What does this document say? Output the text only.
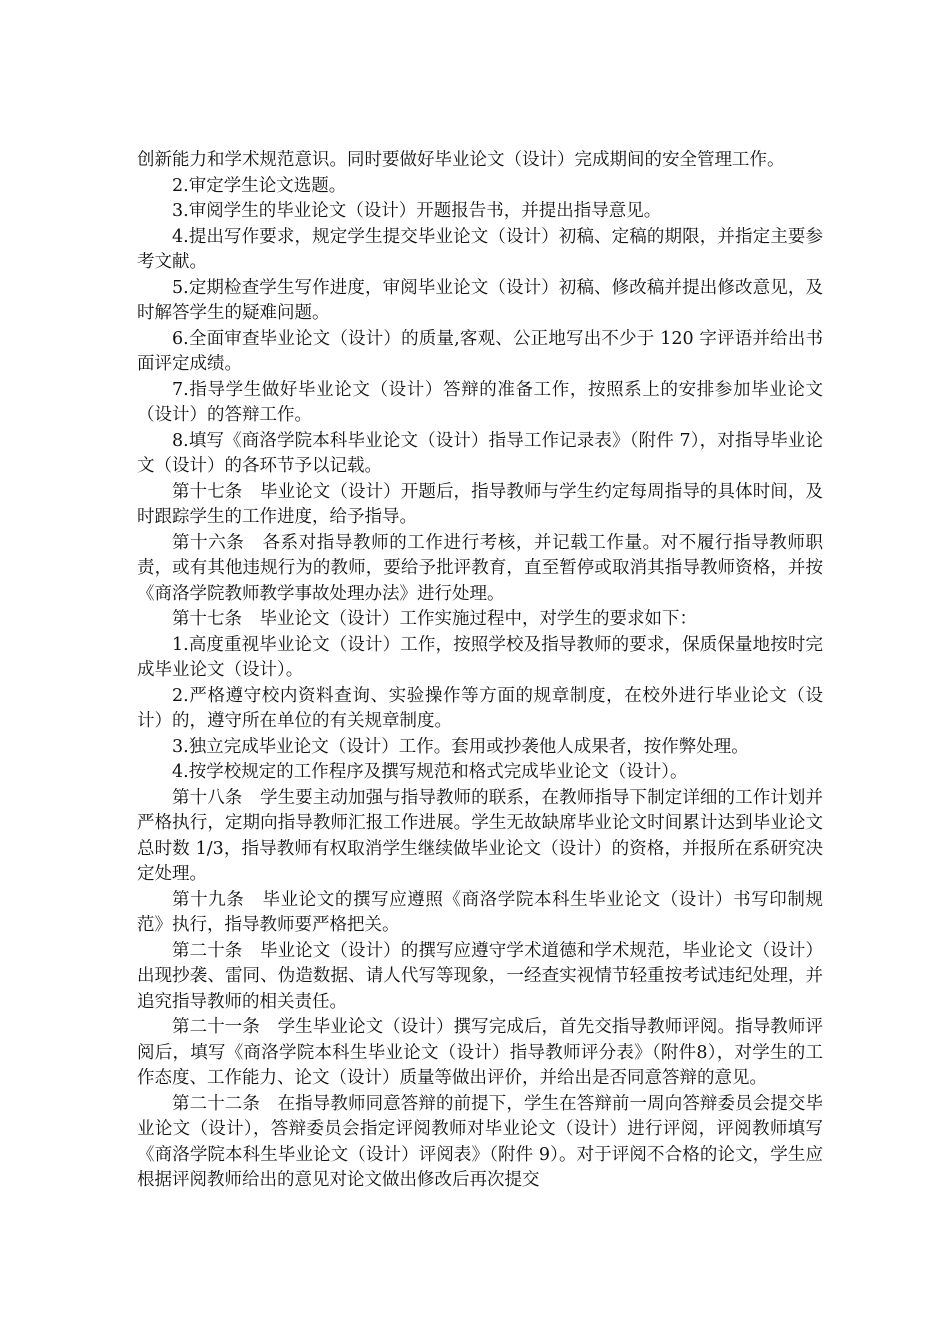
创新能力和学术规范意识。同时要做好毕业论文（设计）完成期间的安全管理工作。

2.审定学生论文选题。

3.审阅学生的毕业论文（设计）开题报告书，并提出指导意见。

4.提出写作要求，规定学生提交毕业论文（设计）初稿、定稿的期限，并指定主要参考文献。

5.定期检查学生写作进度，审阅毕业论文（设计）初稿、修改稿并提出修改意见，及时解答学生的疑难问题。

6.全面审查毕业论文（设计）的质量,客观、公正地写出不少于 120 字评语并给出书面评定成绩。

7.指导学生做好毕业论文（设计）答辩的准备工作，按照系上的安排参加毕业论文（设计）的答辩工作。

8.填写《商洛学院本科毕业论文（设计）指导工作记录表》（附件 7），对指导毕业论文（设计）的各环节予以记载。

第十七条　毕业论文（设计）开题后，指导教师与学生约定每周指导的具体时间，及时跟踪学生的工作进度，给予指导。

第十六条　各系对指导教师的工作进行考核，并记载工作量。对不履行指导教师职责，或有其他违规行为的教师，要给予批评教育，直至暂停或取消其指导教师资格，并按《商洛学院教师教学事故处理办法》进行处理。

第十七条　毕业论文（设计）工作实施过程中，对学生的要求如下：

1.高度重视毕业论文（设计）工作，按照学校及指导教师的要求，保质保量地按时完成毕业论文（设计）。

2.严格遵守校内资料查询、实验操作等方面的规章制度，在校外进行毕业论文（设计）的，遵守所在单位的有关规章制度。

3.独立完成毕业论文（设计）工作。套用或抄袭他人成果者，按作弊处理。

4.按学校规定的工作程序及撰写规范和格式完成毕业论文（设计）。

第十八条　学生要主动加强与指导教师的联系，在教师指导下制定详细的工作计划并严格执行，定期向指导教师汇报工作进展。学生无故缺席毕业论文时间累计达到毕业论文总时数 1/3，指导教师有权取消学生继续做毕业论文（设计）的资格，并报所在系研究决定处理。

第十九条　毕业论文的撰写应遵照《商洛学院本科生毕业论文（设计）书写印制规范》执行，指导教师要严格把关。

第二十条　毕业论文（设计）的撰写应遵守学术道德和学术规范，毕业论文（设计）出现抄袭、雷同、伪造数据、请人代写等现象，一经查实视情节轻重按考试违纪处理，并追究指导教师的相关责任。

第二十一条　学生毕业论文（设计）撰写完成后，首先交指导教师评阅。指导教师评阅后，填写《商洛学院本科生毕业论文（设计）指导教师评分表》（附件8），对学生的工作态度、工作能力、论文（设计）质量等做出评价，并给出是否同意答辩的意见。

第二十二条　在指导教师同意答辩的前提下，学生在答辩前一周向答辩委员会提交毕业论文（设计），答辩委员会指定评阅教师对毕业论文（设计）进行评阅，评阅教师填写《商洛学院本科生毕业论文（设计）评阅表》（附件 9）。对于评阅不合格的论文，学生应根据评阅教师给出的意见对论文做出修改后再次提交
